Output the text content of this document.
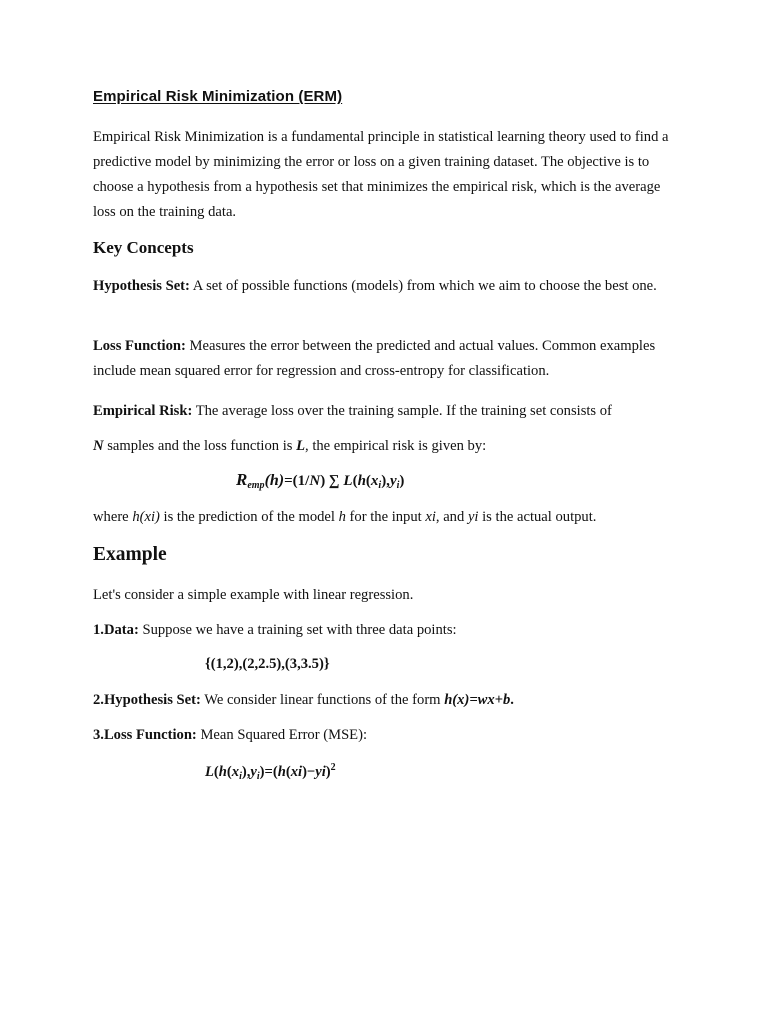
Empirical Risk Minimization (ERM)

Empirical Risk Minimization is a fundamental principle in statistical learning theory used to find a predictive model by minimizing the error or loss on a given training dataset. The objective is to choose a hypothesis from a hypothesis set that minimizes the empirical risk, which is the average loss on the training data.

Key Concepts

Hypothesis Set: A set of possible functions (models) from which we aim to choose the best one.

Loss Function: Measures the error between the predicted and actual values. Common examples include mean squared error for regression and cross-entropy for classification.

Empirical Risk: The average loss over the training sample. If the training set consists of
N samples and the loss function is L, the empirical risk is given by:

$R_{emp}(h)=(1/N)$ ∑ $L(h(x_i),y_i)$

where h(xi) is the prediction of the model h for the input xi, and yi is the actual output.

Example

Let's consider a simple example with linear regression.

1.Data: Suppose we have a training set with three data points:

{(1,2),(2,2.5),(3,3.5)}

2.Hypothesis Set: We consider linear functions of the form h(x)=wx+b.

3.Loss Function: Mean Squared Error (MSE):

$L(h(x_i),y_i)=(h(xi)-yi)^2$
